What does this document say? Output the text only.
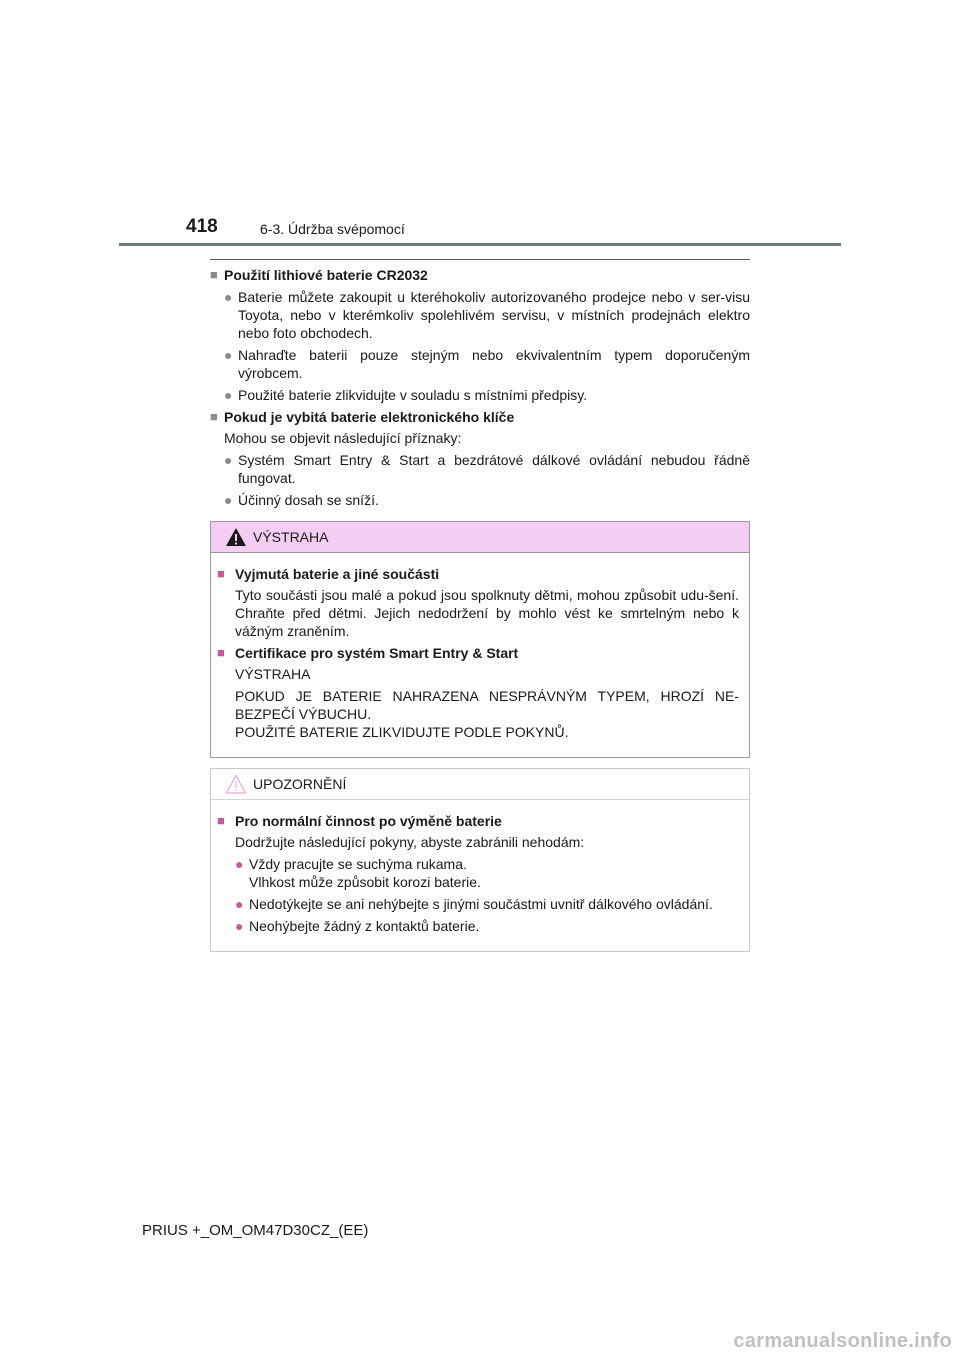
418	6-3. Údržba svépomocí
■ Použití lithiové baterie CR2032
● Baterie můžete zakoupit u kteréhokoliv autorizovaného prodejce nebo v ser-visu Toyota, nebo v kterémkoliv spolehlivém servisu, v místních prodejnách elektro nebo foto obchodech.
● Nahraďte baterii pouze stejným nebo ekvivalentním typem doporučeným výrobcem.
● Použité baterie zlikvidujte v souladu s místními předpisy.
■ Pokud je vybitá baterie elektronického klíče
Mohou se objevit následující příznaky:
● Systém Smart Entry & Start a bezdrátové dálkové ovládání nebudou řádně fungovat.
● Účinný dosah se sníží.
VÝSTRAHA
■ Vyjmutá baterie a jiné součásti
Tyto součásti jsou malé a pokud jsou spolknuty dětmi, mohou způsobit udu-šení. Chraňte před dětmi. Jejich nedodržení by mohlo vést ke smrtelným nebo k vážným zraněním.
■ Certifikace pro systém Smart Entry & Start
VÝSTRAHA
POKUD JE BATERIE NAHRAZENA NESPRÁVNÝM TYPEM, HROZÍ NE-BEZPEČÍ VÝBUCHU.
POUŽITÉ BATERIE ZLIKVIDUJTE PODLE POKYNŮ.
UPOZORNĚNÍ
■ Pro normální činnost po výměně baterie
Dodržujte následující pokyny, abyste zabránili nehodám:
● Vždy pracujte se suchýma rukama.
Vlhkost může způsobit korozi baterie.
● Nedotýkejte se ani nehýbejte s jinými součástmi uvnitř dálkového ovládání.
● Neohýbejte žádný z kontaktů baterie.
PRIUS +_OM_OM47D30CZ_(EE)
carmanualsonline.info
